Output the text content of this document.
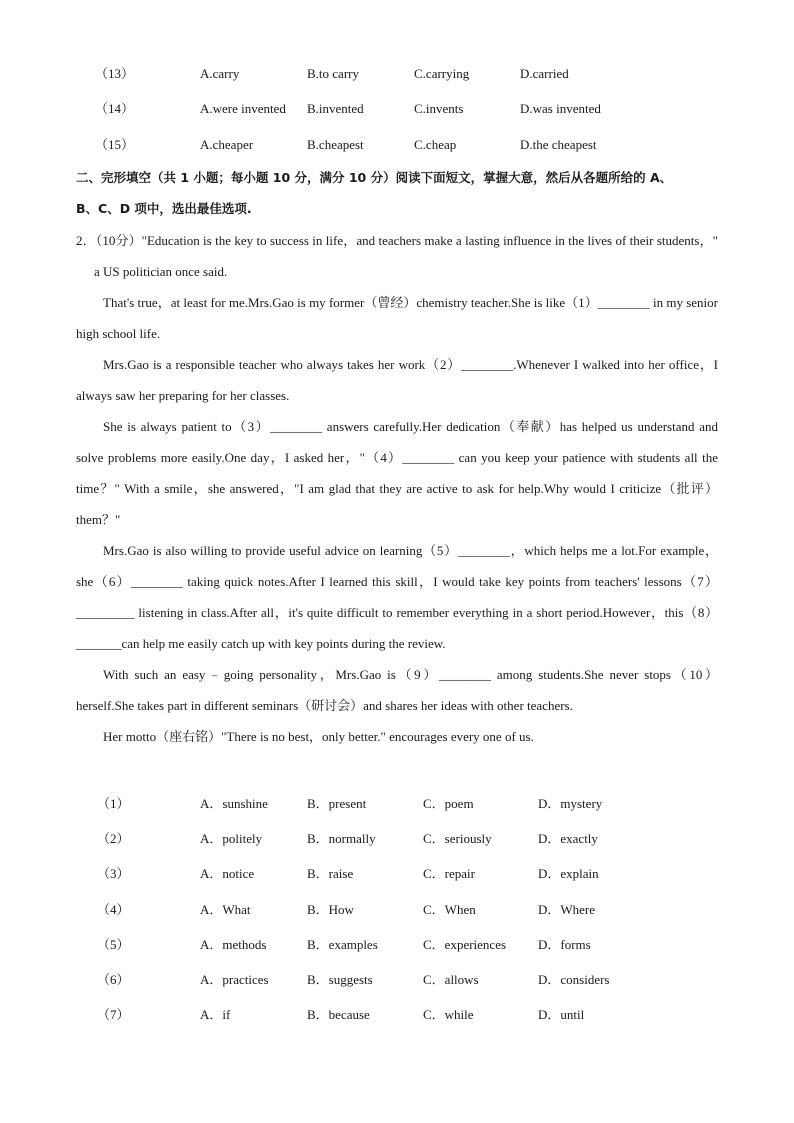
（13）	A.carry	B.to carry	C.carrying	D.carried
（14）	A.were invented B.invented	C.invents	D.was invented
（15）	A.cheaper	B.cheapest	C.cheap	D.the cheapest
二、完形填空（共 1 小题；每小题 10 分，满分 10 分）阅读下面短文，掌握大意，然后从各题所给的 A、
B、C、D 项中，选出最佳选项.

2．（10分）"Education is the key to success in life，and teachers make a lasting influence in the lives of their students，" a US politician once said.

That's true，at least for me.Mrs.Gao is my former（曾经）chemistry teacher.She is like（1）________ in my senior high school life.

Mrs.Gao is a responsible teacher who always takes her work（2）________.Whenever I walked into her office，I always saw her preparing for her classes.

She is always patient to（3）________ answers carefully.Her dedication（奉献）has helped us understand and solve problems more easily.One day，I asked her，"（4）________ can you keep your patience with students all the time？" With a smile，she answered，"I am glad that they are active to ask for help.Why would I criticize（批评）them？"

Mrs.Gao is also willing to provide useful advice on learning（5）________，which helps me a lot.For example，she（6）________ taking quick notes.After I learned this skill，I would take key points from teachers' lessons（7）_________ listening in class.After all，it's quite difficult to remember everything in a short period.However，this（8）_______can help me easily catch up with key points during the review.

With such an easy﹣going personality，Mrs.Gao is（9）________ among students.She never stops（10）herself.She takes part in different seminars（研讨会）and shares her ideas with other teachers.

Her motto（座右铭）"There is no best，only better." encourages every one of us.

（1）	A．sunshine	B．present	C．poem	D．mystery
（2）	A．politely	B．normally	C．seriously	D．exactly
（3）	A．notice	B．raise	C．repair	D．explain
（4）	A．What	B．How	C．When	D．Where
（5）	A．methods	B．examples	C．experiences D．forms
（6）	A．practices	B．suggests	C．allows	D．considers
（7）	A．if	B．because	C．while	D．until
